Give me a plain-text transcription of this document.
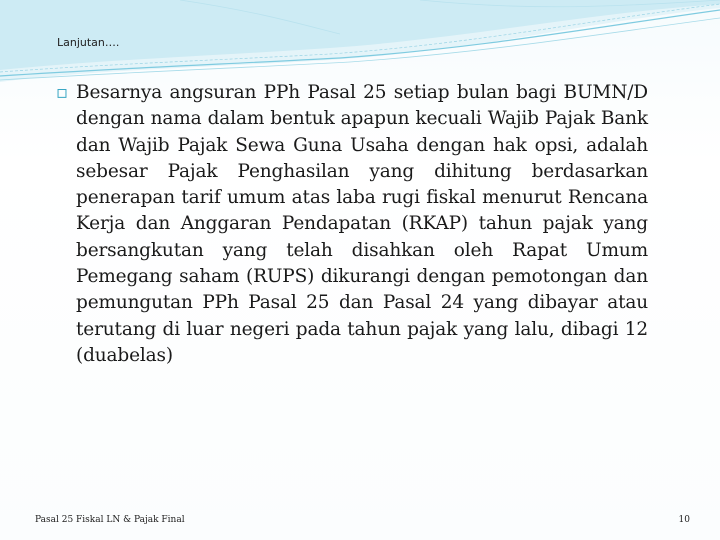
Lanjutan….
▫ Besarnya angsuran PPh Pasal 25 setiap bulan bagi BUMN/D dengan nama dalam bentuk apapun kecuali Wajib Pajak Bank dan Wajib Pajak Sewa Guna Usaha dengan hak opsi, adalah sebesar Pajak Penghasilan yang dihitung berdasarkan penerapan tarif umum atas laba rugi fiskal menurut Rencana Kerja dan Anggaran Pendapatan (RKAP) tahun pajak yang bersangkutan yang telah disahkan oleh Rapat Umum Pemegang saham (RUPS) dikurangi dengan pemotongan dan pemungutan PPh Pasal 25 dan Pasal 24 yang dibayar atau terutang di luar negeri pada tahun pajak yang lalu, dibagi 12 (duabelas)
Pasal 25 Fiskal LN & Pajak Final	10
